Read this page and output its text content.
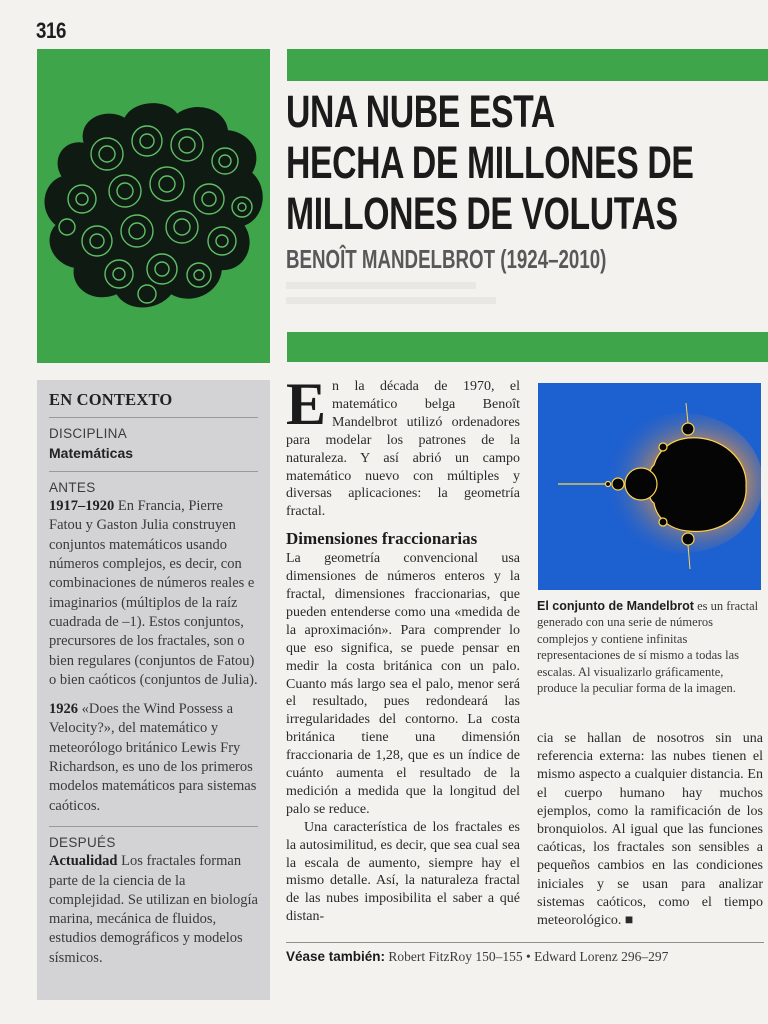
316
UNA NUBE ESTA
HECHA DE MILLONES DE
MILLONES DE VOLUTAS
BENOÎT MANDELBROT (1924–2010)
EN CONTEXTO
DISCIPLINA
Matemáticas
ANTES

1917–1920 En Francia, Pierre Fatou y Gaston Julia construyen conjuntos matemáticos usando números complejos, es decir, con combinaciones de números reales e imaginarios (múltiplos de la raíz cuadrada de –1). Estos conjuntos, precursores de los fractales, son o bien regulares (conjuntos de Fatou) o bien caóticos (conjuntos de Julia).

1926 «Does the Wind Possess a Velocity?», del matemático y meteorólogo británico Lewis Fry Richardson, es uno de los primeros modelos matemáticos para sistemas caóticos.

DESPUÉS

Actualidad Los fractales forman parte de la ciencia de la complejidad. Se utilizan en biología marina, mecánica de fluidos, estudios demográficos y modelos sísmicos.

En la década de 1970, el matemático belga Benoît Mandelbrot utilizó ordenadores para modelar los patrones de la naturaleza. Y así abrió un campo matemático nuevo con múltiples y diversas aplicaciones: la geometría fractal.

Dimensiones fraccionarias

La geometría convencional usa dimensiones de números enteros y la fractal, dimensiones fraccionarias, que pueden entenderse como una «medida de la aproximación». Para comprender lo que eso significa, se puede pensar en medir la costa británica con un palo. Cuanto más largo sea el palo, menor será el resultado, pues redondeará las irregularidades del contorno. La costa británica tiene una dimensión fraccionaria de 1,28, que es un índice de cuánto aumenta el resultado de la medición a medida que la longitud del palo se reduce.

Una característica de los fractales es la autosimilitud, es decir, que sea cual sea la escala de aumento, siempre hay el mismo detalle. Así, la naturaleza fractal de las nubes imposibilita el saber a qué distan-

El conjunto de Mandelbrot es un fractal generado con una serie de números complejos y contiene infinitas representaciones de sí mismo a todas las escalas. Al visualizarlo gráficamente, produce la peculiar forma de la imagen.

cia se hallan de nosotros sin una referencia externa: las nubes tienen el mismo aspecto a cualquier distancia. En el cuerpo humano hay muchos ejemplos, como la ramificación de los bronquiolos. Al igual que las funciones caóticas, los fractales son sensibles a pequeños cambios en las condiciones iniciales y se usan para analizar sistemas caóticos, como el tiempo meteorológico. ■

Véase también: Robert FitzRoy 150–155 • Edward Lorenz 296–297
